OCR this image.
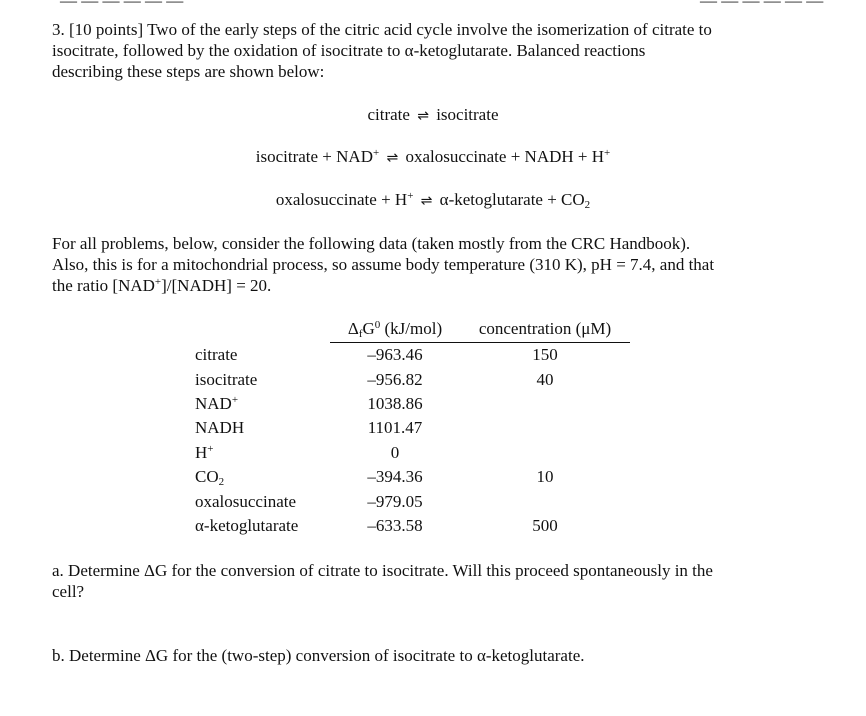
— — — — — —	— — — — — —

3. [10 points] Two of the early steps of the citric acid cycle involve the isomerization of citrate to
isocitrate, followed by the oxidation of isocitrate to α-ketoglutarate. Balanced reactions
describing these steps are shown below:

citrate ⇌ isocitrate
isocitrate + NAD+ ⇌ oxalosuccinate + NADH + H+
oxalosuccinate + H+ ⇌ α-ketoglutarate + $CO_2$

For all problems, below, consider the following data (taken mostly from the CRC Handbook).
Also, this is for a mitochondrial process, so assume body temperature (310 K), pH = 7.4, and that
the ratio [NAD+]/[NADH] = 20.

	$\Delta_fG^0$ (kJ/mol)	concentration (μM)
citrate	–963.46	150
isocitrate	–956.82	40
NAD+	1038.86	
NADH	1101.47	
H+	0	
$CO_2$	–394.36	10
oxalosuccinate	–979.05	
α-ketoglutarate	–633.58	500

a. Determine ΔG for the conversion of citrate to isocitrate. Will this proceed spontaneously in the
cell?

b. Determine ΔG for the (two-step) conversion of isocitrate to α-ketoglutarate.
